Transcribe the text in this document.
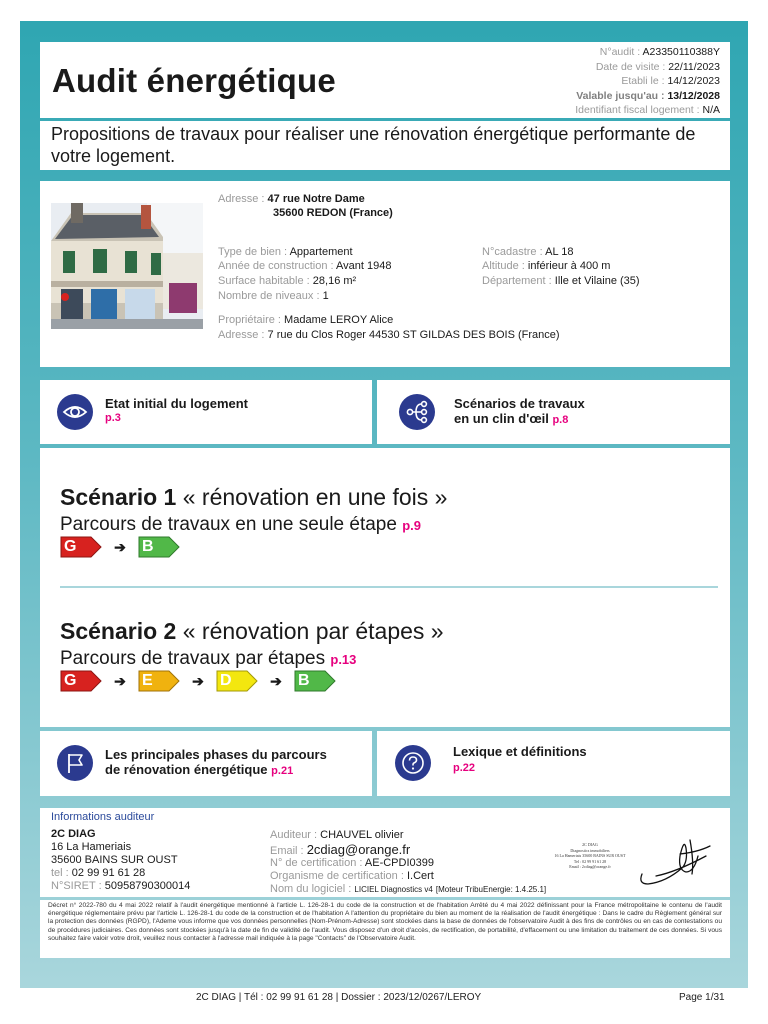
Audit énergétique
N°audit : A23350110388Y
Date de visite : 22/11/2023
Etabli le : 14/12/2023
Valable jusqu'au : 13/12/2028
Identifiant fiscal logement : N/A
Propositions de travaux pour réaliser une rénovation énergétique performante de votre logement.
Adresse : 47 rue Notre Dame
35600 REDON (France)
Type de bien : Appartement
Année de construction : Avant 1948
Surface habitable : 28,16 m²
Nombre de niveaux : 1
N°cadastre : AL 18
Altitude : inférieur à 400 m
Département : Ille et Vilaine (35)
Propriétaire : Madame LEROY Alice
Adresse : 7 rue du Clos Roger 44530 ST GILDAS DES BOIS (France)
Etat initial du logement
p.3
Scénarios de travaux
en un clin d'œil p.8
Scénario 1 « rénovation en une fois »
Parcours de travaux en une seule étape p.9
G	➔	B
Scénario 2 « rénovation par étapes »
Parcours de travaux par étapes p.13
G	➔	E	➔	D	➔	B
Les principales phases du parcours
de rénovation énergétique p.21
Lexique et définitions
p.22
Informations auditeur
2C DIAG
16 La Hameriais
35600 BAINS SUR OUST
tel : 02 99 91 61 28
N°SIRET : 50958790300014
Auditeur : CHAUVEL olivier
Email : 2cdiag@orange.fr
N° de certification : AE-CPDI0399
Organisme de certification : I.Cert
Nom du logiciel : LICIEL Diagnostics v4 [Moteur TribuEnergie: 1.4.25.1]
2C DIAG
Diagnostics immobiliers
16 La Hameriais 35600 BAINS SUR OUST
Tel : 02 99 91 61 28
Email : 2cdiag@orange.fr
Décret n° 2022-780 du 4 mai 2022 relatif à l'audit énergétique mentionné à l'article L. 126-28-1 du code de la construction et de l'habitation Arrêté du 4 mai 2022 définissant pour la France métropolitaine le contenu de l'audit énergétique réglementaire prévu par l'article L. 126-28-1 du code de la construction et de l'habitation A l'attention du propriétaire du bien au moment de la réalisation de l'audit énergétique : Dans le cadre du Règlement général sur la protection des données (RGPD), l'Ademe vous informe que vos données personnelles (Nom-Prénom-Adresse) sont stockées dans la base de données de l'observatoire Audit à des fins de contrôles ou en cas de contestations ou de procédures judiciaires. Ces données sont stockées jusqu'à la date de fin de validité de l'audit. Vous disposez d'un droit d'accès, de rectification, de portabilité, d'effacement ou une limitation du traitement de ces données. Si vous souhaitez faire valoir votre droit, veuillez nous contacter à l'adresse mail indiquée à la page "Contacts" de l'Observatoire Audit.
2C DIAG | Tél : 02 99 91 61 28 | Dossier : 2023/12/0267/LEROY	Page 1/31
